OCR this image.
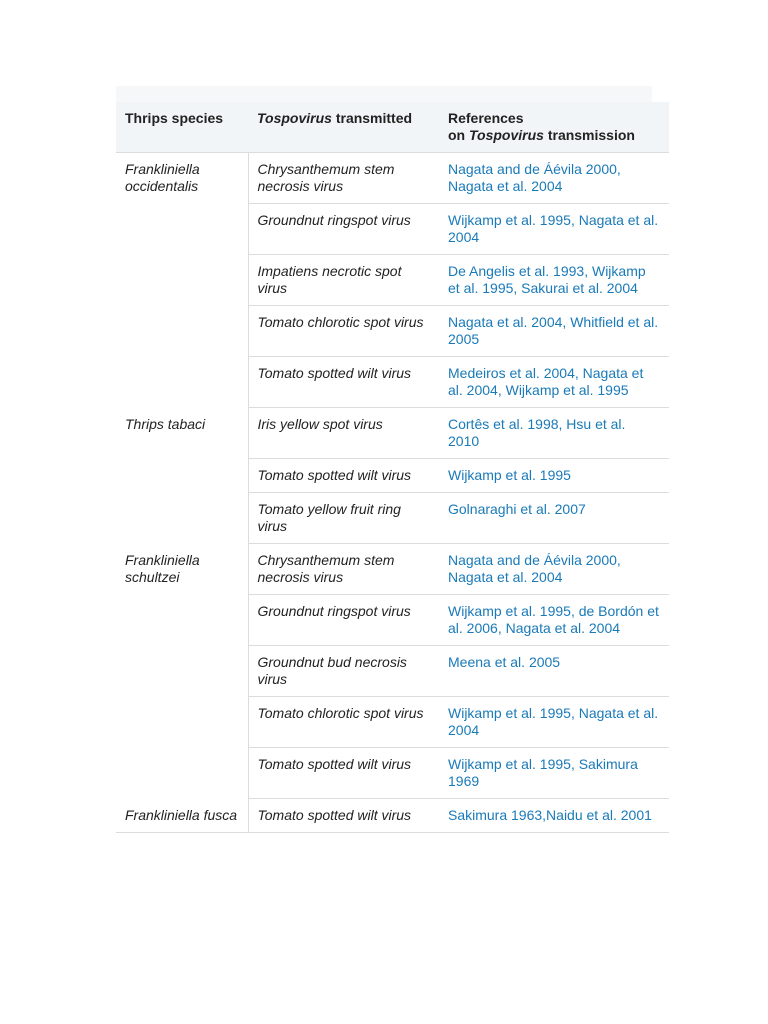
Thrips species	Tospovirus transmitted	References
on Tospovirus transmission
Frankliniella occidentalis	Chrysanthemum stem necrosis virus	Nagata and de Áévila 2000, Nagata et al. 2004
	Groundnut ringspot virus	Wijkamp et al. 1995, Nagata et al. 2004
	Impatiens necrotic spot virus	De Angelis et al. 1993, Wijkamp et al. 1995, Sakurai et al. 2004
	Tomato chlorotic spot virus	Nagata et al. 2004, Whitfield et al. 2005
	Tomato spotted wilt virus	Medeiros et al. 2004, Nagata et al. 2004, Wijkamp et al. 1995
Thrips tabaci	Iris yellow spot virus	Cortês et al. 1998, Hsu et al. 2010
	Tomato spotted wilt virus	Wijkamp et al. 1995
	Tomato yellow fruit ring virus	Golnaraghi et al. 2007
Frankliniella schultzei	Chrysanthemum stem necrosis virus	Nagata and de Áévila 2000, Nagata et al. 2004
	Groundnut ringspot virus	Wijkamp et al. 1995, de Bordón et al. 2006, Nagata et al. 2004
	Groundnut bud necrosis virus	Meena et al. 2005
	Tomato chlorotic spot virus	Wijkamp et al. 1995, Nagata et al. 2004
	Tomato spotted wilt virus	Wijkamp et al. 1995, Sakimura 1969
Frankliniella fusca	Tomato spotted wilt virus	Sakimura 1963,Naidu et al. 2001
